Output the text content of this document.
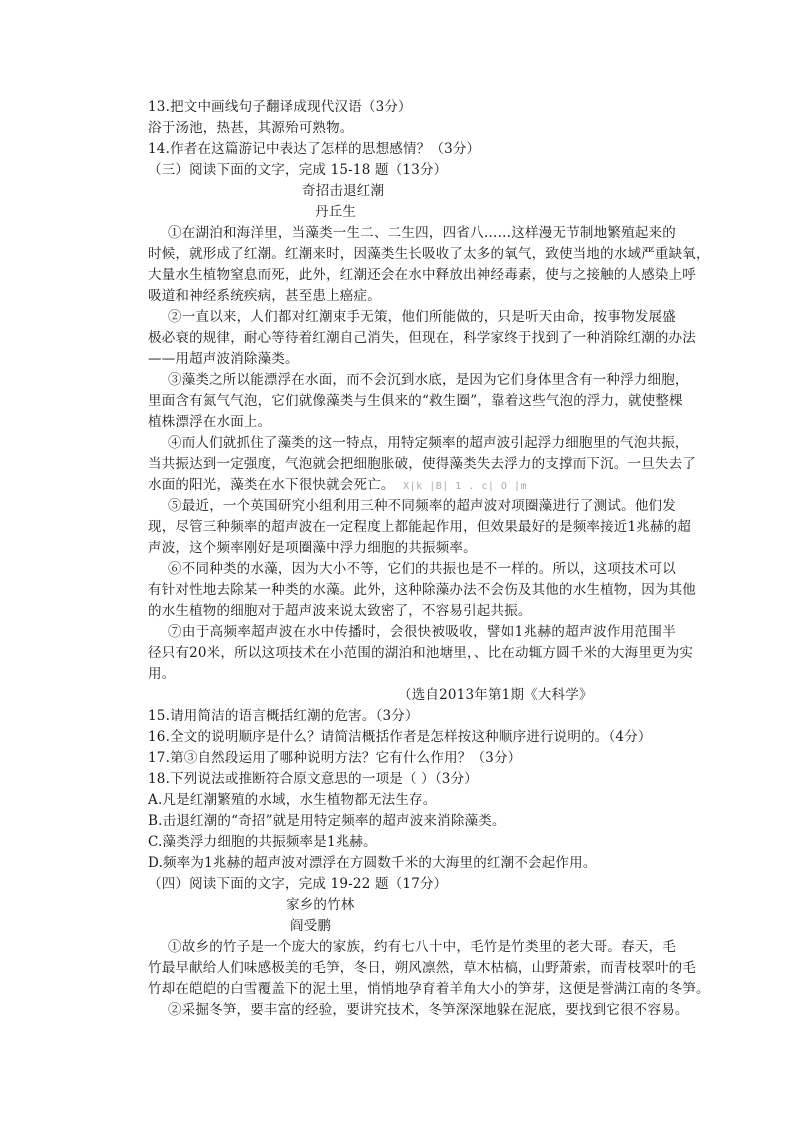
13.把文中画线句子翻译成现代汉语（3分）
浴于汤池，热甚，其源殆可熟物。
14.作者在这篇游记中表达了怎样的思想感情？（3分）
（三）阅读下面的文字，完成 15-18 题（13分）
奇招击退红潮
丹丘生
①在湖泊和海洋里，当藻类一生二、二生四，四省八……这样漫无节制地繁殖起来的
时候，就形成了红潮。红潮来时，因藻类生长吸收了太多的氧气，致使当地的水域严重缺氧，
大量水生植物窒息而死，此外，红潮还会在水中释放出神经毒素，使与之接触的人感染上呼
吸道和神经系统疾病，甚至患上癌症。
②一直以来，人们都对红潮束手无策，他们所能做的，只是听天由命，按事物发展盛
极必衰的规律，耐心等待着红潮自己消失，但现在，科学家终于找到了一种消除红潮的办法
——用超声波消除藻类。
③藻类之所以能漂浮在水面，而不会沉到水底，是因为它们身体里含有一种浮力细胞，
里面含有氮气气泡，它们就像藻类与生俱来的“救生圈”，靠着这些气泡的浮力，就使整棵
植株漂浮在水面上。
④而人们就抓住了藻类的这一特点，用特定频率的超声波引起浮力细胞里的气泡共振，
当共振达到一定强度，气泡就会把细胞胀破，使得藻类失去浮力的支撑而下沉。一旦失去了
水面的阳光，藻类在水下很快就会死亡。 X|k |B| 1 . c| O |m
⑤最近，一个英国研究小组利用三种不同频率的超声波对项圈藻进行了测试。他们发
现，尽管三种频率的超声波在一定程度上都能起作用，但效果最好的是频率接近1兆赫的超
声波，这个频率刚好是项圈藻中浮力细胞的共振频率。
⑥不同种类的水藻，因为大小不等，它们的共振也是不一样的。所以，这项技术可以
有针对性地去除某一种类的水藻。此外，这种除藻办法不会伤及其他的水生植物，因为其他
的水生植物的细胞对于超声波来说太致密了，不容易引起共振。
⑦由于高频率超声波在水中传播时，会很快被吸收，譬如1兆赫的超声波作用范围半
径只有20米，所以这项技术在小范围的湖泊和池塘里，、比在动辄方圆千米的大海里更为实
用。
（选自2013年第1期《大科学》
15.请用简洁的语言概括红潮的危害。（3分）
16.全文的说明顺序是什么？请简洁概括作者是怎样按这种顺序进行说明的。（4分）
17.第③自然段运用了哪种说明方法？它有什么作用？（3分）
18.下列说法或推断符合原文意思的一项是（ ）（3分）
A.凡是红潮繁殖的水域，水生植物都无法生存。
B.击退红潮的“奇招”就是用特定频率的超声波来消除藻类。
C.藻类浮力细胞的共振频率是1兆赫。
D.频率为1兆赫的超声波对漂浮在方圆数千米的大海里的红潮不会起作用。
（四）阅读下面的文字，完成 19-22 题（17分）
家乡的竹林
阎受鹏
①故乡的竹子是一个庞大的家族，约有七八十中，毛竹是竹类里的老大哥。春天，毛
竹最早献给人们味感极美的毛笋，冬日，朔风凛然，草木枯槁，山野萧索，而青枝翠叶的毛
竹却在皑皑的白雪覆盖下的泥土里，悄悄地孕育着羊角大小的笋芽，这便是誉满江南的冬笋。
②采掘冬笋，要丰富的经验，要讲究技术，冬笋深深地躲在泥底，要找到它很不容易。
